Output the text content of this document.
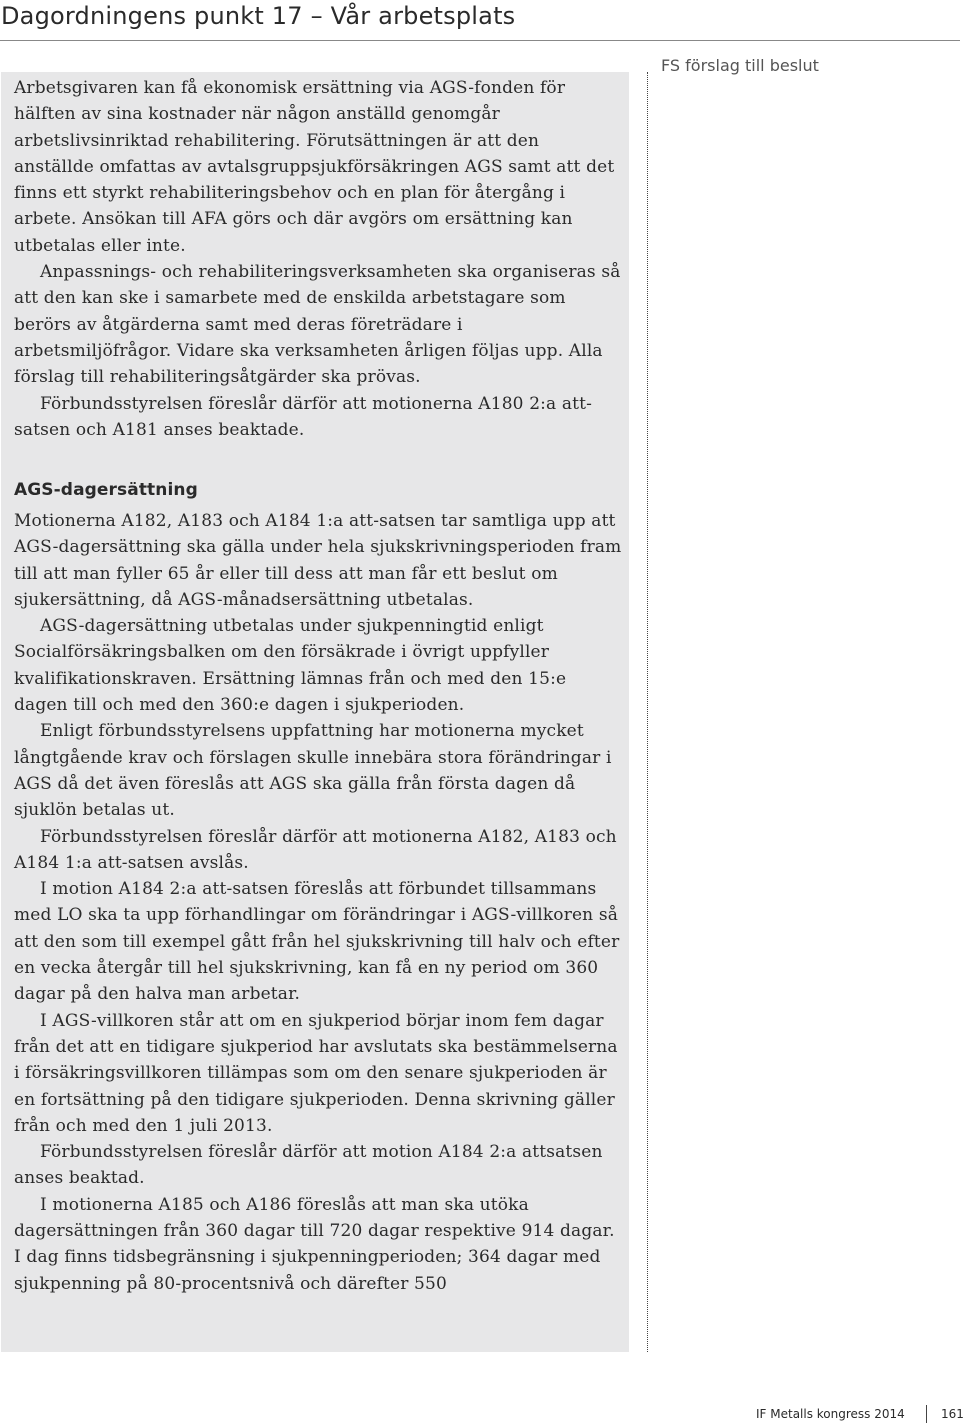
Dagordningens punkt 17 – Vår arbetsplats

Arbetsgivaren kan få ekonomisk ersättning via AGS-fonden för hälften av sina kostnader när någon anställd genomgår arbetslivsinriktad rehabilitering. Förutsättningen är att den anställde omfattas av avtalsgruppsjukförsäkringen AGS samt att det finns ett styrkt rehabiliteringsbehov och en plan för återgång i arbete. Ansökan till AFA görs och där avgörs om ersättning kan utbetalas eller inte.

Anpassnings- och rehabiliteringsverksamheten ska organiseras så att den kan ske i samarbete med de enskilda arbetstagare som berörs av åtgärderna samt med deras företrädare i arbetsmiljöfrågor. Vidare ska verksamheten årligen följas upp. Alla förslag till rehabiliteringsåtgärder ska prövas.

Förbundsstyrelsen föreslår därför att motionerna A180 2:a att-satsen och A181 anses beaktade.

AGS-dagersättning

Motionerna A182, A183 och A184 1:a att-satsen tar samtliga upp att AGS-dagersättning ska gälla under hela sjukskrivningsperioden fram till att man fyller 65 år eller till dess att man får ett beslut om sjukersättning, då AGS-månadsersättning utbetalas.

AGS-dagersättning utbetalas under sjukpenningtid enligt Socialförsäkringsbalken om den försäkrade i övrigt uppfyller kvalifikationskraven. Ersättning lämnas från och med den 15:e dagen till och med den 360:e dagen i sjukperioden.

Enligt förbundsstyrelsens uppfattning har motionerna mycket långtgående krav och förslagen skulle innebära stora förändringar i AGS då det även föreslås att AGS ska gälla från första dagen då sjuklön betalas ut.

Förbundsstyrelsen föreslår därför att motionerna A182, A183 och A184 1:a att-satsen avslås.

I motion A184 2:a att-satsen föreslås att förbundet tillsammans med LO ska ta upp förhandlingar om förändringar i AGS-villkoren så att den som till exempel gått från hel sjukskrivning till halv och efter en vecka återgår till hel sjukskrivning, kan få en ny period om 360 dagar på den halva man arbetar.

I AGS-villkoren står att om en sjukperiod börjar inom fem dagar från det att en tidigare sjukperiod har avslutats ska bestämmelserna i försäkringsvillkoren tillämpas som om den senare sjukperioden är en fortsättning på den tidigare sjukperioden. Denna skrivning gäller från och med den 1 juli 2013.

Förbundsstyrelsen föreslår därför att motion A184 2:a attsatsen anses beaktad.

I motionerna A185 och A186 föreslås att man ska utöka dagersättningen från 360 dagar till 720 dagar respektive 914 dagar. I dag finns tidsbegränsning i sjukpenningperioden; 364 dagar med sjukpenning på 80-procentsnivå och därefter 550

FS förslag till beslut
IF Metalls kongress 2014	161
